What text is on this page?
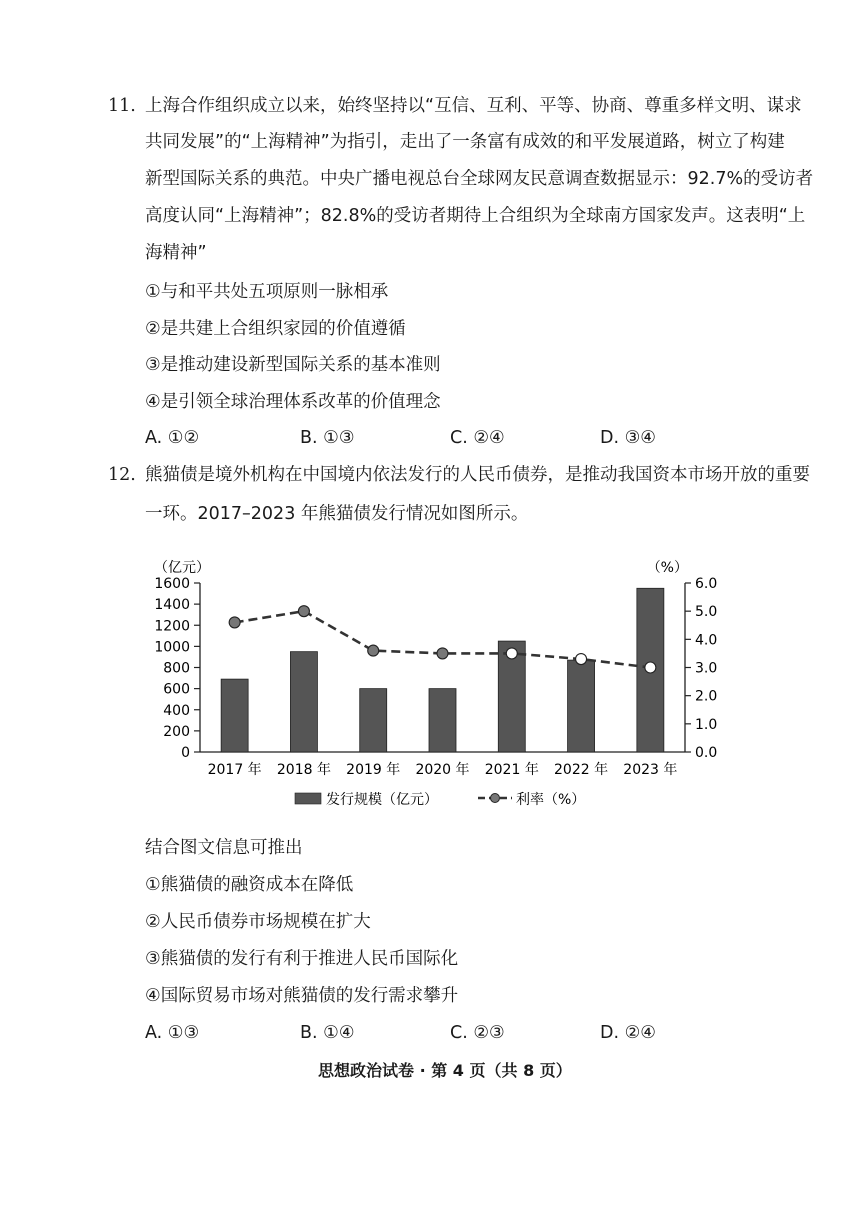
11. 上海合作组织成立以来，始终坚持以“互信、互利、平等、协商、尊重多样文明、谋求
共同发展”的“上海精神”为指引，走出了一条富有成效的和平发展道路，树立了构建
新型国际关系的典范。中央广播电视总台全球网友民意调查数据显示：92.7%的受访者
高度认同“上海精神”；82.8%的受访者期待上合组织为全球南方国家发声。这表明“上
海精神”
①与和平共处五项原则一脉相承
②是共建上合组织家园的价值遵循
③是推动建设新型国际关系的基本准则
④是引领全球治理体系改革的价值理念
A. ①②	B. ①③	C. ②④	D. ③④
12. 熊猫债是境外机构在中国境内依法发行的人民币债券，是推动我国资本市场开放的重要
一环。2017–2023 年熊猫债发行情况如图所示。
（亿元）	（%）
0
200
400
600
800
1000
1200
1400
1600
0.0
1.0
2.0
3.0
4.0
5.0
6.0
2017 年 2018 年 2019 年 2020 年 2021 年 2022 年 2023 年
发行规模（亿元）	利率（%）
结合图文信息可推出
①熊猫债的融资成本在降低
②人民币债券市场规模在扩大
③熊猫债的发行有利于推进人民币国际化
④国际贸易市场对熊猫债的发行需求攀升
A. ①③	B. ①④	C. ②③	D. ②④
思想政治试卷 · 第 4 页（共 8 页）
